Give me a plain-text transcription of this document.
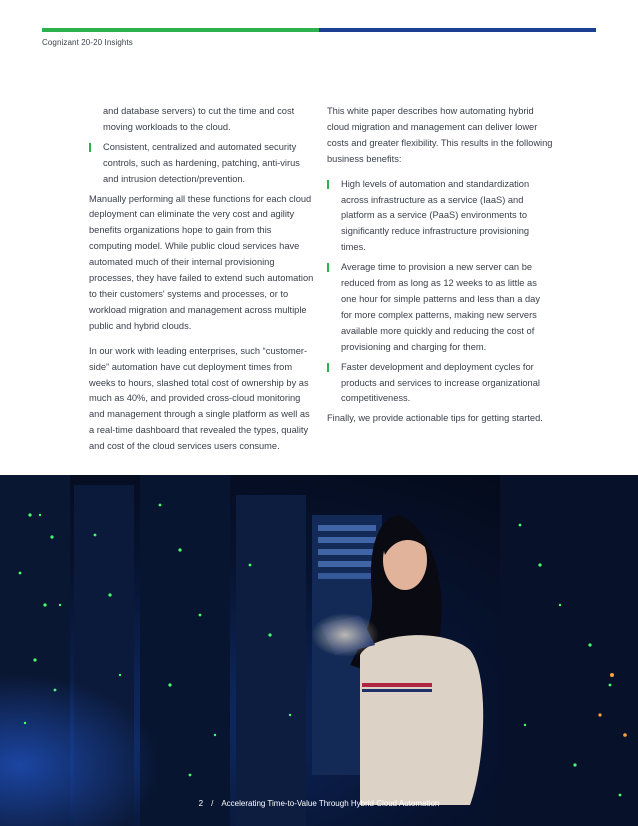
Cognizant 20-20 Insights
and database servers) to cut the time and cost moving workloads to the cloud.
Consistent, centralized and automated security controls, such as hardening, patching, anti-virus and intrusion detection/prevention.

Manually performing all these functions for each cloud deployment can eliminate the very cost and agility benefits organizations hope to gain from this computing model. While public cloud services have automated much of their internal provisioning processes, they have failed to extend such automation to their customers' systems and processes, or to workload migration and management across multiple public and hybrid clouds.

In our work with leading enterprises, such “customer-side” automation have cut deployment times from weeks to hours, slashed total cost of ownership by as much as 40%, and provided cross-cloud monitoring and management through a single platform as well as a real-time dashboard that revealed the types, quality and cost of the cloud services users consume.

This white paper describes how automating hybrid cloud migration and management can deliver lower costs and greater flexibility. This results in the following business benefits:

High levels of automation and standardization across infrastructure as a service (IaaS) and platform as a service (PaaS) environments to significantly reduce infrastructure provisioning times.
Average time to provision a new server can be reduced from as long as 12 weeks to as little as one hour for simple patterns and less than a day for more complex patterns, making new servers available more quickly and reducing the cost of provisioning and charging for them.
Faster development and deployment cycles for products and services to increase organizational competitiveness.

Finally, we provide actionable tips for getting started.

2 / Accelerating Time-to-Value Through Hybrid Cloud Automation
